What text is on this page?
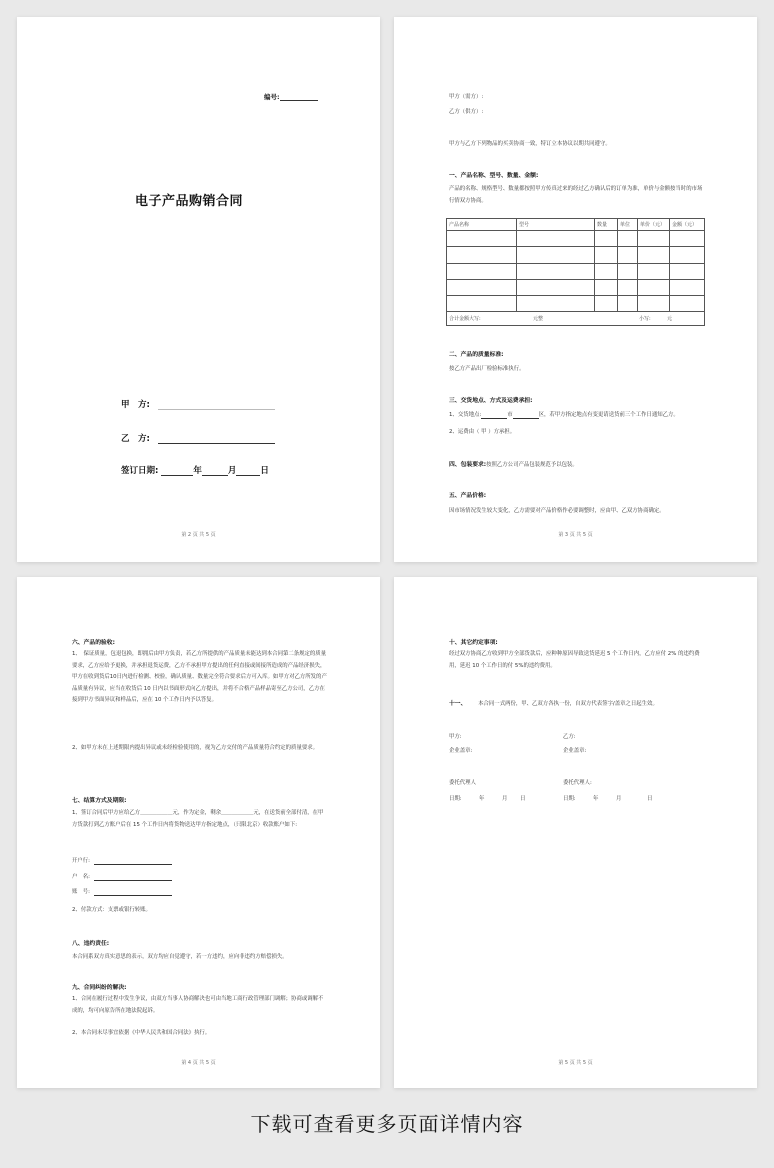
编号:
电子产品购销合同
甲　方:
乙　方:
签订日期:	年	月	日
第 2 页 共 5 页
甲方（需方）:
乙方（供方）:
甲方与乙方下列物品的买卖协商一致，特订立本协议以期共同遵守。
一、产品名称、型号、数量、金额:
产品的名称、规格型号、数量都按照甲方传真过来的经过乙方确认后的订单为准，单价与金额按当时的市场行情双方协商。
产品名称	型号	数量	单位	单价（元）	金额（元）

合计金额大写: 元整 小写: 元					
二、产品的质量标准:
按乙方产品出厂检验标准执行。
三、交货地点、方式及运费承担:
1、交货地点:	市	区，若甲方指定地点有变更请送货前三个工作日通知乙方。
2、运费由（ 甲 ）方承担。
四、包装要求:按照乙方公司产品包装规范予以包装。
五、产品价格:
因市场情况发生较大变化，乙方需要对产品价格作必要调整时，应由甲、乙双方协商确定。
第 3 页 共 5 页
六、产品的验收:
1、　保证质量，包退包换，即拥后由甲方负责，若乙方所提供的产品质量未能达到本合同第二条规定的质量要求，乙方应给予更换，并承担退货运费，乙方不承担甲方提出的任何直接或间接所造成的产品经济损失，甲方在收到货后10日内进行检测、校验，确认质量、数量完全符合要求后方可入库。如甲方对乙方所发的产品质量有异议，应当在收货后 10 日内以书面形式向乙方提出，并将不合格产品样品寄至乙方公司，乙方在接到甲方书面异议和样品后，应在 10 个工作日内予以答复。
2、如甲方未在上述期限内提出异议或未经检验使用的，视为乙方交付的产品质量符合约定的质量要求。
七、结算方式及期限:
1、签订合同后甲方应给乙方＿＿＿＿＿＿元，作为定金，剩余＿＿＿＿＿＿元，在送货前全部付清，在甲方货款打到乙方账户后在 15 个工作日内将货物送达甲方指定地点，（只限北京）收款账户如下:
开户行:
户　名:
账　号:
2、付款方式：支票或银行转账。
八、违约责任:
本合同系双方真实意思的表示，双方均应自觉遵守，若一方违约，应向非违约方赔偿损失。
九、合同纠纷的解决:
1、合同在履行过程中发生争议，由双方当事人协商解决也可由当地工商行政管理部门调解；协商或调解不成的，均可向原告所在地法院起诉。
2、本合同未尽事宜依据《中华人民共和国合同法》执行。
第 4 页 共 5 页
十、其它约定事项:
经过双方协商乙方收到甲方全部货款后，应种种原因导致送货延迟 5 个工作日内，乙方应付 2% 的违约费用，延迟 10 个工作日的付 5%的违约费用。
十一、 本合同一式两份，甲、乙双方各执一份，自双方代表签字/盖章之日起生效。
甲方:	乙方:
企业盖章:	企业盖章:
委托代理人	委托代理人:
日期:	年	月 日	日期:	年	月	日
第 5 页 共 5 页
下载可查看更多页面详情内容
